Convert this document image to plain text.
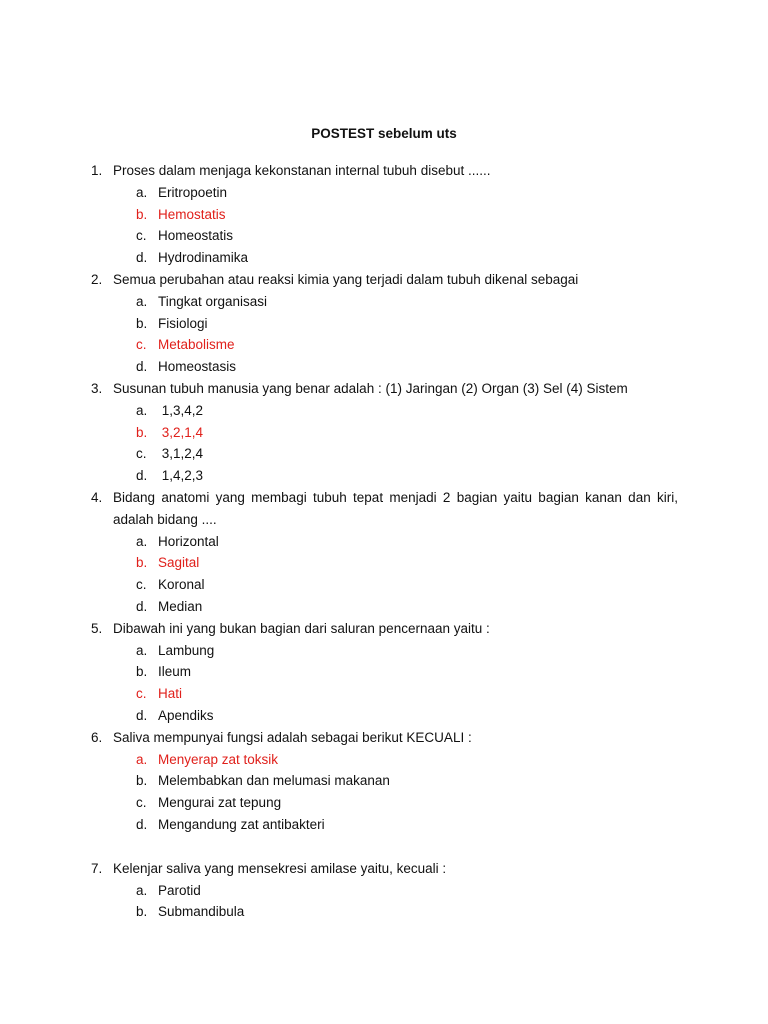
POSTEST sebelum uts
1. Proses dalam menjaga kekonstanan internal tubuh disebut ......
a. Eritropoetin
b. Hemostatis
c. Homeostatis
d. Hydrodinamika
2. Semua perubahan atau reaksi kimia yang terjadi dalam tubuh dikenal sebagai
a. Tingkat organisasi
b. Fisiologi
c. Metabolisme
d. Homeostasis
3. Susunan tubuh manusia yang benar adalah : (1) Jaringan (2) Organ (3) Sel (4) Sistem
a. 1,3,4,2
b. 3,2,1,4
c. 3,1,2,4
d. 1,4,2,3
4. Bidang anatomi yang membagi tubuh tepat menjadi 2 bagian yaitu bagian kanan dan kiri, adalah bidang ....
a. Horizontal
b. Sagital
c. Koronal
d. Median
5. Dibawah ini yang bukan bagian dari saluran pencernaan yaitu :
a. Lambung
b. Ileum
c. Hati
d. Apendiks
6. Saliva mempunyai fungsi adalah sebagai berikut KECUALI :
a. Menyerap zat toksik
b. Melembabkan dan melumasi makanan
c. Mengurai zat tepung
d. Mengandung zat antibakteri
7. Kelenjar saliva yang mensekresi amilase yaitu, kecuali :
a. Parotid
b. Submandibula
